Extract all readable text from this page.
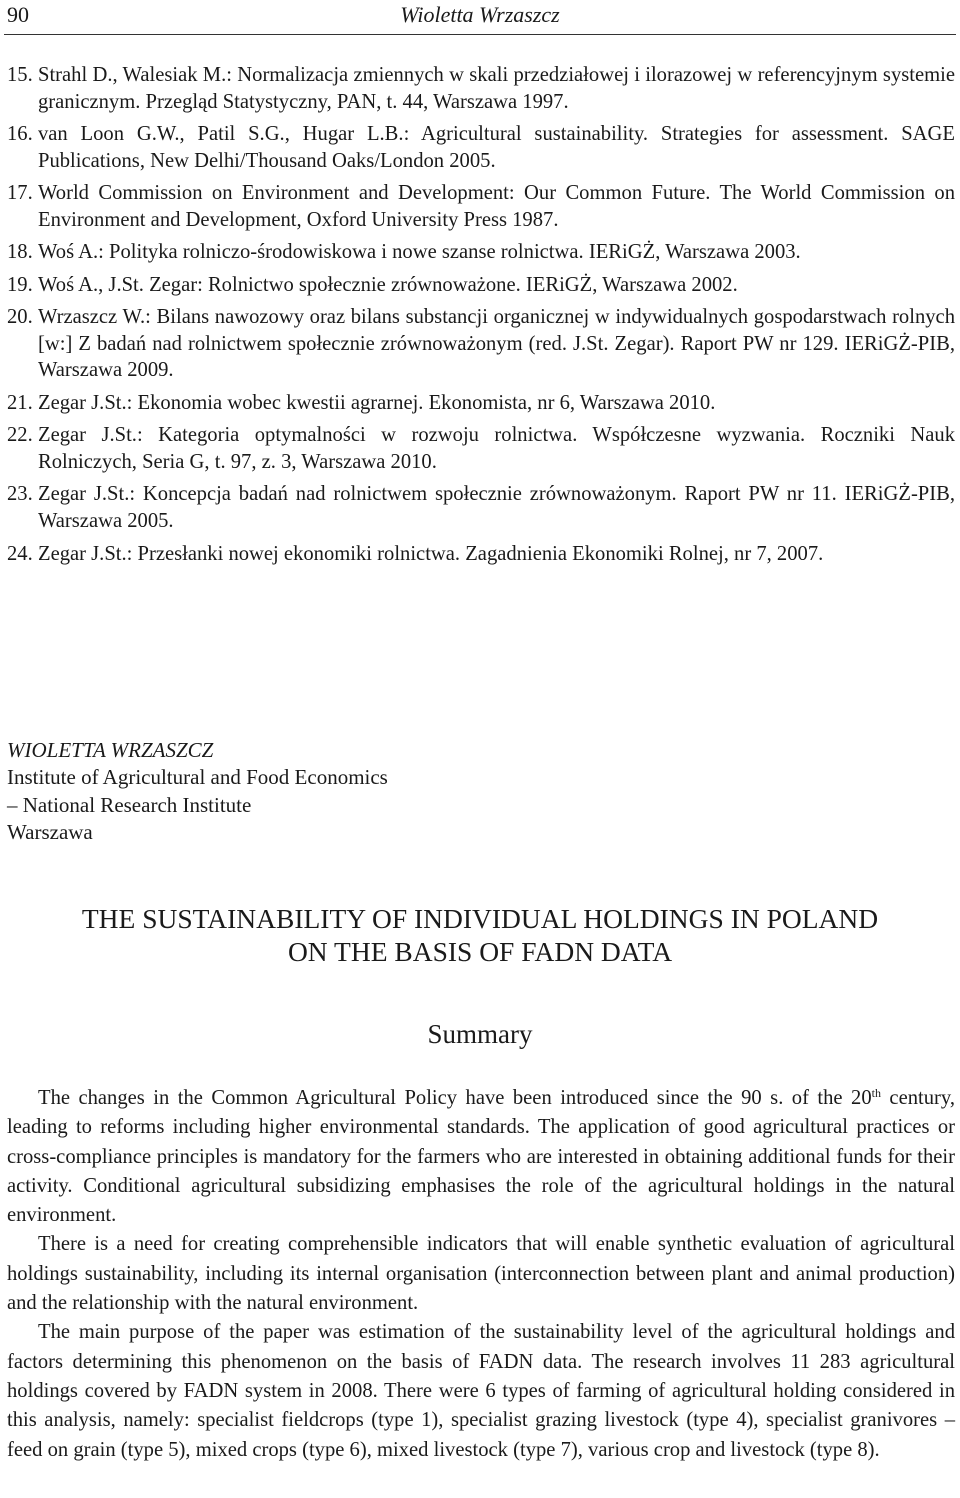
90	Wioletta Wrzaszcz
15. Strahl D., Walesiak M.: Normalizacja zmiennych w skali przedziałowej i ilorazowej w referencyjnym systemie granicznym. Przegląd Statystyczny, PAN, t. 44, Warszawa 1997.
16. van Loon G.W., Patil S.G., Hugar L.B.: Agricultural sustainability. Strategies for assessment. SAGE Publications, New Delhi/Thousand Oaks/London 2005.
17. World Commission on Environment and Development: Our Common Future. The World Commission on Environment and Development, Oxford University Press 1987.
18. Woś A.: Polityka rolniczo-środowiskowa i nowe szanse rolnictwa. IERiGŻ, Warszawa 2003.
19. Woś A., J.St. Zegar: Rolnictwo społecznie zrównoważone. IERiGŻ, Warszawa 2002.
20. Wrzaszcz W.: Bilans nawozowy oraz bilans substancji organicznej w indywidualnych gospodarstwach rolnych [w:] Z badań nad rolnictwem społecznie zrównoważonym (red. J.St. Zegar). Raport PW nr 129. IERiGŻ-PIB, Warszawa 2009.
21. Zegar J.St.: Ekonomia wobec kwestii agrarnej. Ekonomista, nr 6, Warszawa 2010.
22. Zegar J.St.: Kategoria optymalności w rozwoju rolnictwa. Współczesne wyzwania. Roczniki Nauk Rolniczych, Seria G, t. 97, z. 3, Warszawa 2010.
23. Zegar J.St.: Koncepcja badań nad rolnictwem społecznie zrównoważonym. Raport PW nr 11. IERiGŻ-PIB, Warszawa 2005.
24. Zegar J.St.: Przesłanki nowej ekonomiki rolnictwa. Zagadnienia Ekonomiki Rolnej, nr 7, 2007.
WIOLETTA WRZASZCZ
Institute of Agricultural and Food Economics
– National Research Institute
Warszawa
THE SUSTAINABILITY OF INDIVIDUAL HOLDINGS IN POLAND
ON THE BASIS OF FADN DATA
Summary

The changes in the Common Agricultural Policy have been introduced since the 90 s. of the 20th century, leading to reforms including higher environmental standards. The application of good agricultural practices or cross-compliance principles is mandatory for the farmers who are interested in obtaining additional funds for their activity. Conditional agricultural subsidizing emphasises the role of the agricultural holdings in the natural environment.

There is a need for creating comprehensible indicators that will enable synthetic evaluation of agricultural holdings sustainability, including its internal organisation (interconnection between plant and animal production) and the relationship with the natural environment.

The main purpose of the paper was estimation of the sustainability level of the agricultural holdings and factors determining this phenomenon on the basis of FADN data. The research involves 11 283 agricultural holdings covered by FADN system in 2008. There were 6 types of farming of agricultural holding considered in this analysis, namely: specialist fieldcrops (type 1), specialist grazing livestock (type 4), specialist granivores – feed on grain (type 5), mixed crops (type 6), mixed livestock (type 7), various crop and livestock (type 8).
